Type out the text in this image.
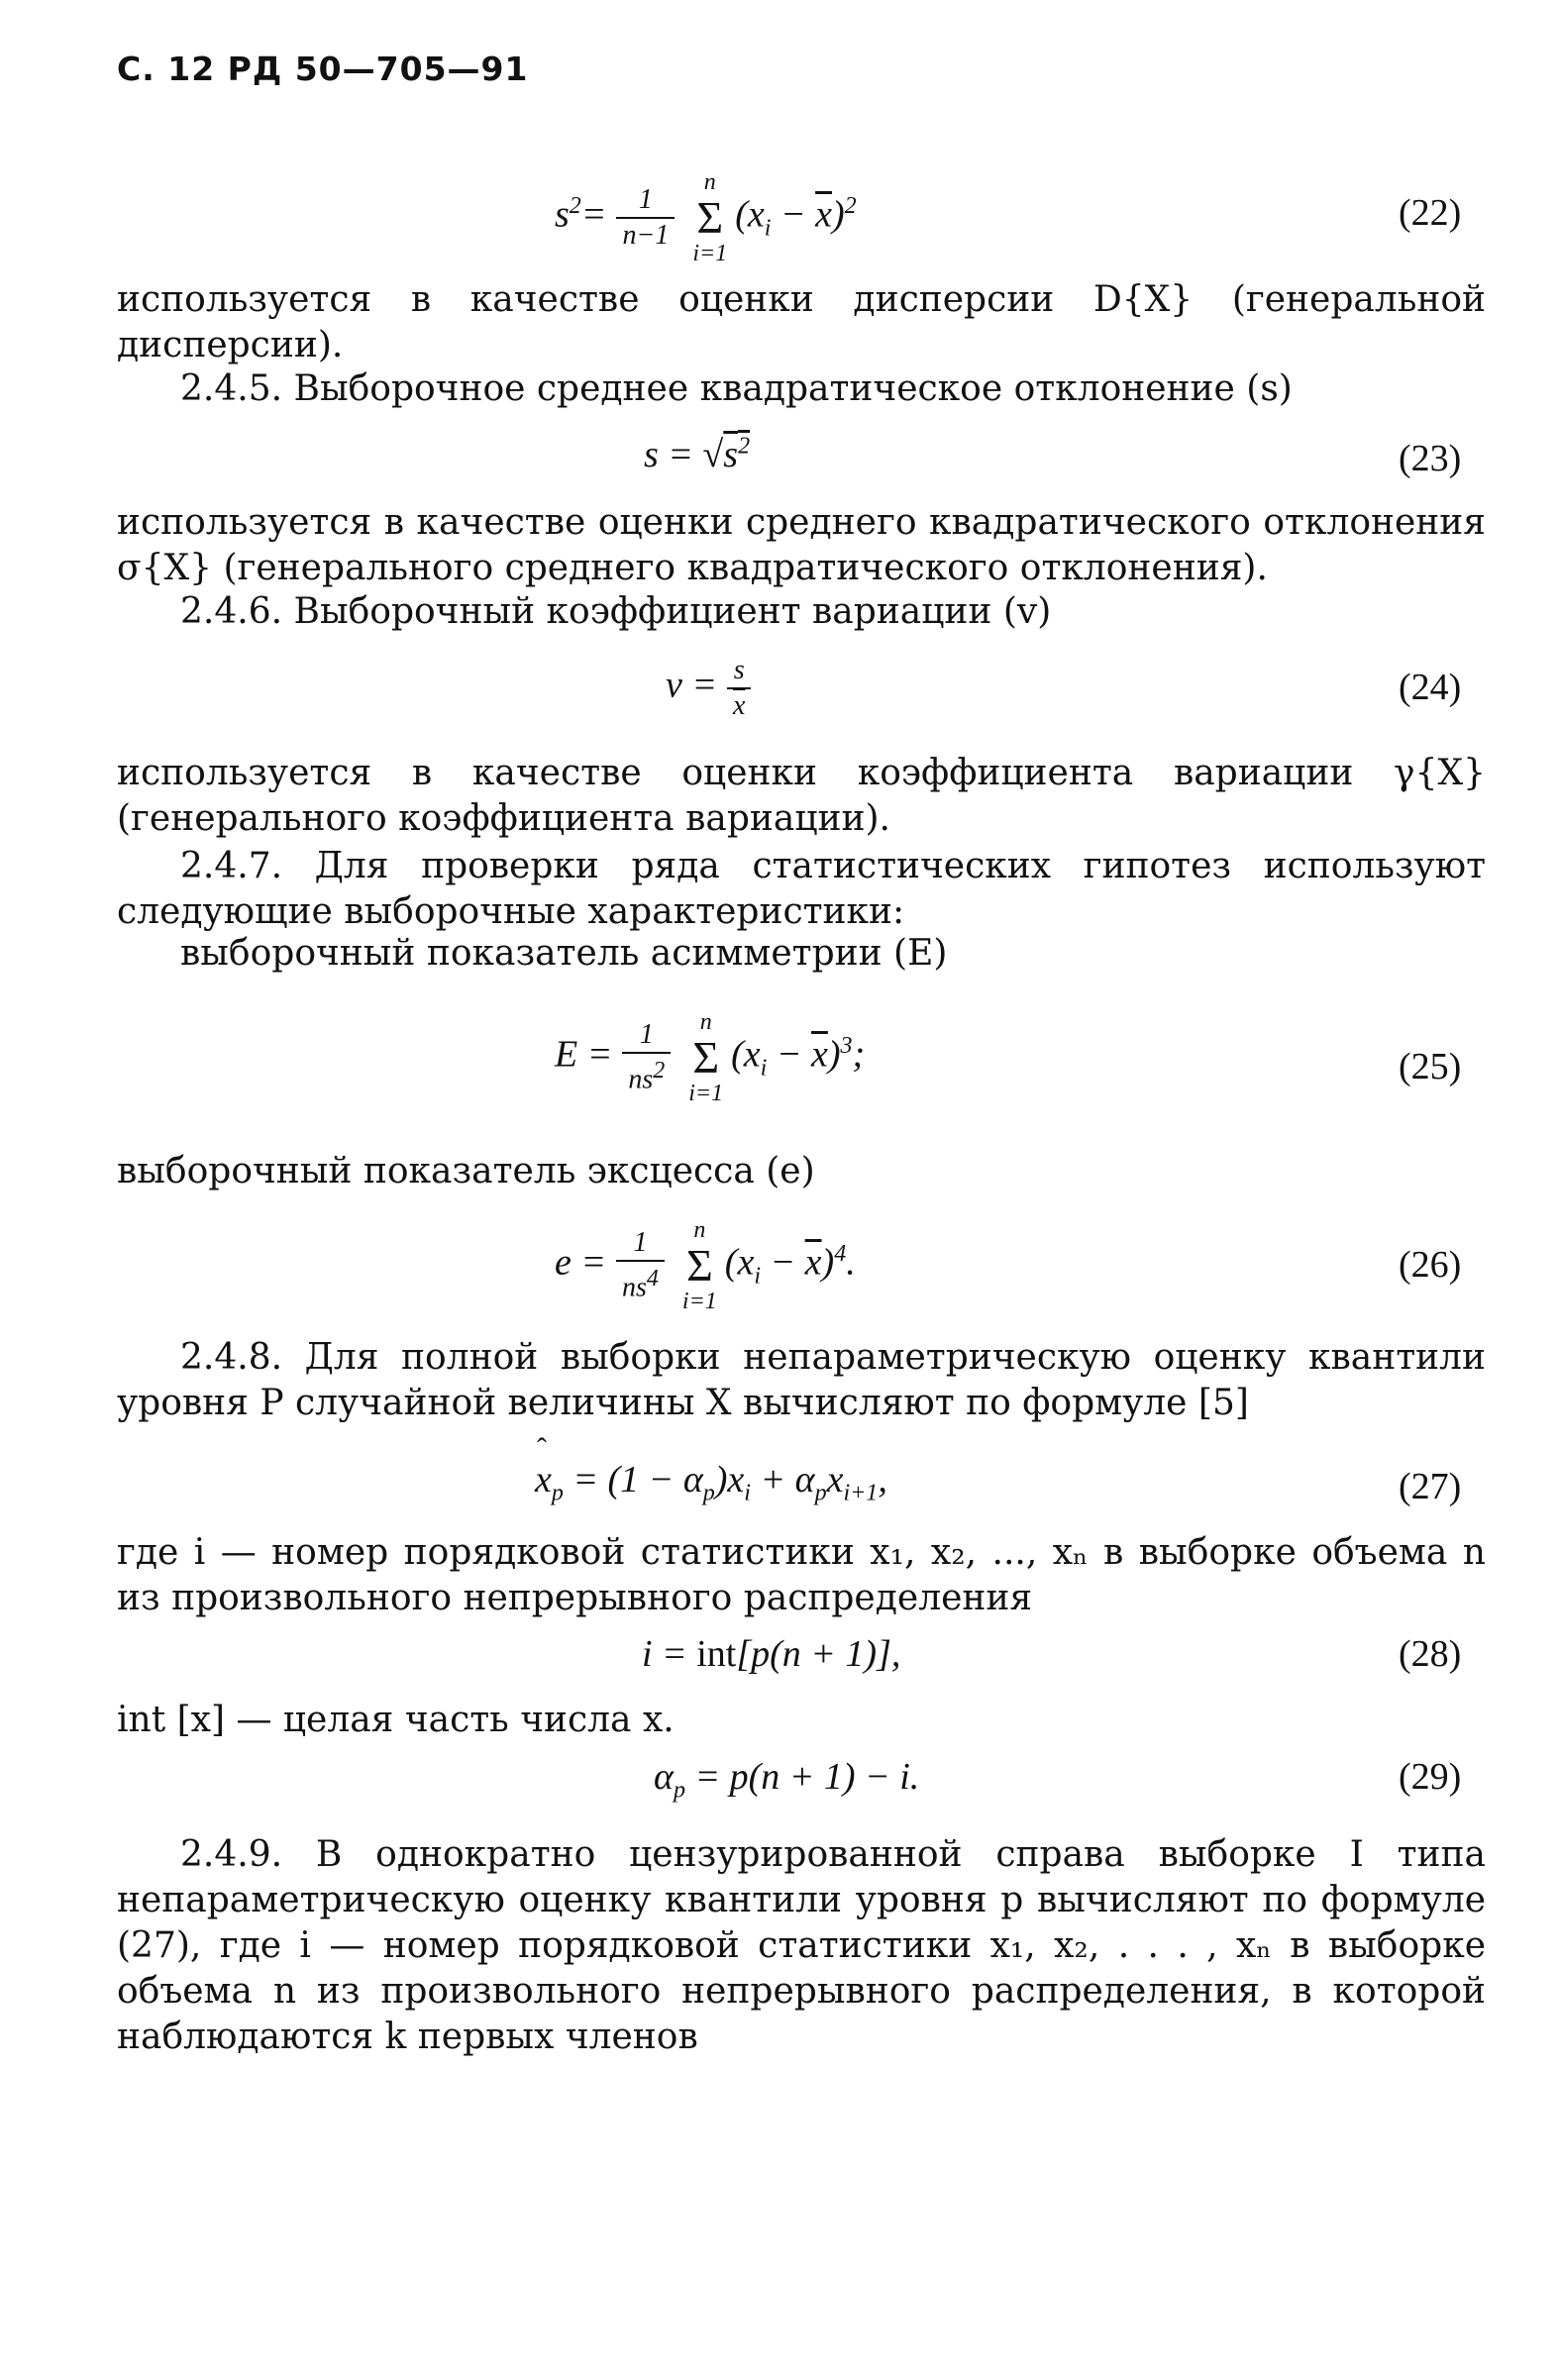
С. 12 РД 50—705—91
$s^2= \frac{1}{n-1}$
n
Σ
i=1
$(x_i - \overline{x})^2$	(22)
используется в качестве оценки дисперсии D{X} (генеральной дисперсии).
2.4.5. Выборочное среднее квадратическое отклонение (s)
$s = √s^2$	(23)
используется в качестве оценки среднего квадратического отклонения σ{X} (генерального среднего квадратического отклонения).
2.4.6. Выборочный коэффициент вариации (v)
$v = \frac{s}{x}$	(24)
используется в качестве оценки коэффициента вариации γ{X} (генерального коэффициента вариации).
2.4.7. Для проверки ряда статистических гипотез используют следующие выборочные характеристики:
выборочный показатель асимметрии (E)
$E = \frac{1}{ns2}$	n
Σ
i=1
$(x_i - \overline{x})^3$;	(25)
выборочный показатель эксцесса (e)
$e = \frac{1}{ns4}$	n
Σ
i=1
$(x_i - \overline{x})^4$.	(26)
2.4.8. Для полной выборки непараметрическую оценку квантили уровня P случайной величины X вычисляют по формуле [5]
ˆ
$x_p = (1 - \alpha_p)x_i + \alpha_px_{i+1}$,	(27)
где i — номер порядковой статистики x₁, x₂, ..., xₙ в выборке объема n из произвольного непрерывного распределения
i = int[p(n + 1)],	(28)
int [x] — целая часть числа x.
$\alpha_p = p(n + 1) - i$.	(29)
2.4.9. В однократно цензурированной справа выборке I типа непараметрическую оценку квантили уровня p вычисляют по формуле (27), где i — номер порядковой статистики x₁, x₂, . . . , xₙ в выборке объема n из произвольного непрерывного распределения, в которой наблюдаются k первых членов
